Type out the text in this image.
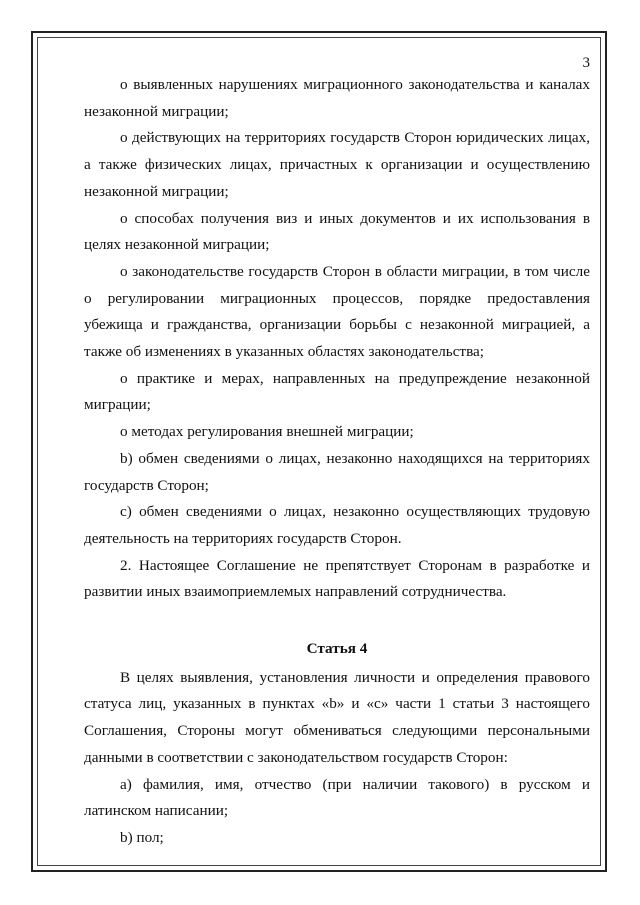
3

о выявленных нарушениях миграционного законодательства и каналах незаконной миграции;

о действующих на территориях государств Сторон юридических лицах, а также физических лицах, причастных к организации и осуществлению незаконной миграции;

о способах получения виз и иных документов и их использования в целях незаконной миграции;

о законодательстве государств Сторон в области миграции, в том числе о регулировании миграционных процессов, порядке предоставления убежища и гражданства, организации борьбы с незаконной миграцией, а также об изменениях в указанных областях законодательства;

о практике и мерах, направленных на предупреждение незаконной миграции;

о методах регулирования внешней миграции;

b) обмен сведениями о лицах, незаконно находящихся на территориях государств Сторон;

c) обмен сведениями о лицах, незаконно осуществляющих трудовую деятельность на территориях государств Сторон.

2. Настоящее Соглашение не препятствует Сторонам в разработке и развитии иных взаимоприемлемых направлений сотрудничества.

Статья 4

В целях выявления, установления личности и определения правового статуса лиц, указанных в пунктах «b» и «c» части 1 статьи 3 настоящего Соглашения, Стороны могут обмениваться следующими персональными данными в соответствии с законодательством государств Сторон:

а) фамилия, имя, отчество (при наличии такового) в русском и латинском написании;

b) пол;
